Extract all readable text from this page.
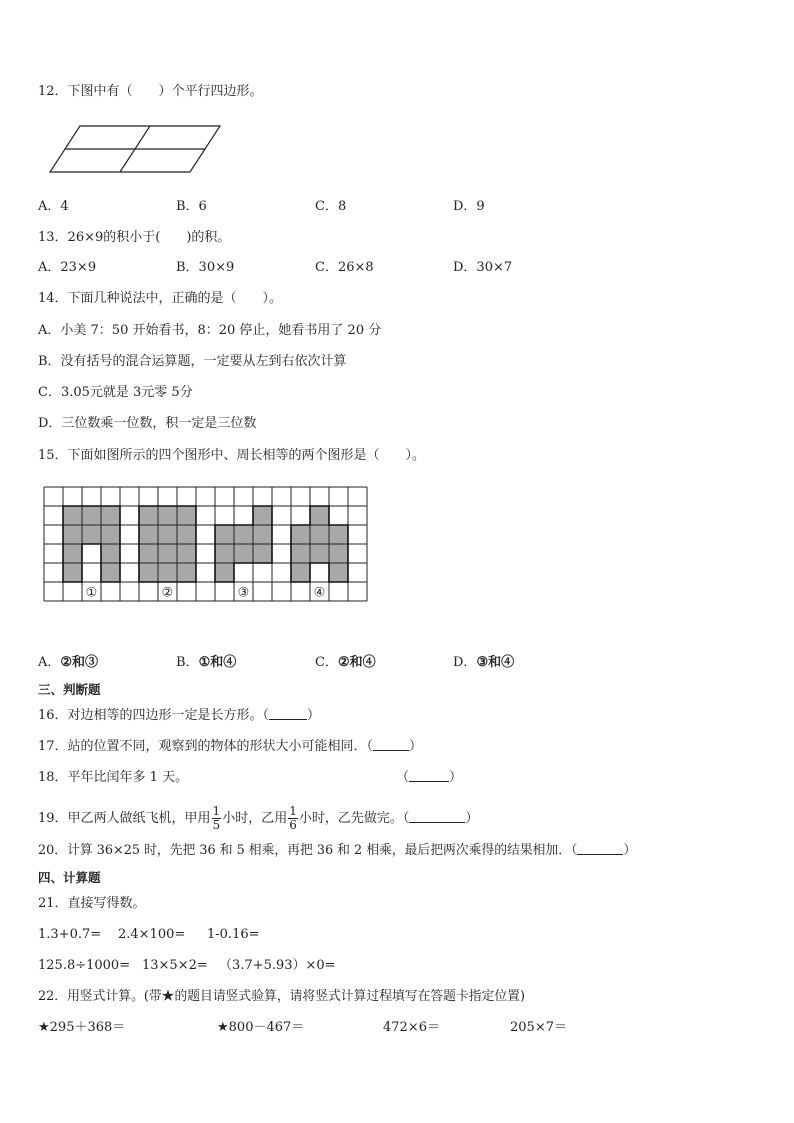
12．下图中有（　　）个平行四边形。
A．4	B．6	C．8	D．9
13．26×9的积小于(　　)的积。
A．23×9	B．30×9	C．26×8	D．30×7
14．下面几种说法中，正确的是（　　）。
A．小美 7：50 开始看书，8：20 停止，她看书用了 20 分
B．没有括号的混合运算题，一定要从左到右依次计算
C．3.05元就是 3元零 5分
D．三位数乘一位数，积一定是三位数
15．下面如图所示的四个图形中、周长相等的两个图形是（　　）。
①	②	③	④
A．②和③	B．①和④	C．②和④	D．③和④
三、判断题
16．对边相等的四边形一定是长方形。（	）
17．站的位置不同，观察到的物体的形状大小可能相同．（	）
18．平年比闰年多 1 天。	（	）
19．甲乙两人做纸飞机，甲用 $\frac{1}{5}$ 小时，乙用 $\frac{1}{6}$ 小时，乙先做完。（	）
20．计算 36×25 时，先把 36 和 5 相乘，再把 36 和 2 相乘，最后把两次乘得的结果相加．（	）
四、计算题
21．直接写得数。
1.3+0.7= 2.4×100= 1-0.16=
125.8÷1000= 13×5×2= （3.7+5.93）×0=
22．用竖式计算。(带★的题目请竖式验算，请将竖式计算过程填写在答题卡指定位置)
★295＋368＝	★800－467＝	472×6＝	205×7＝
